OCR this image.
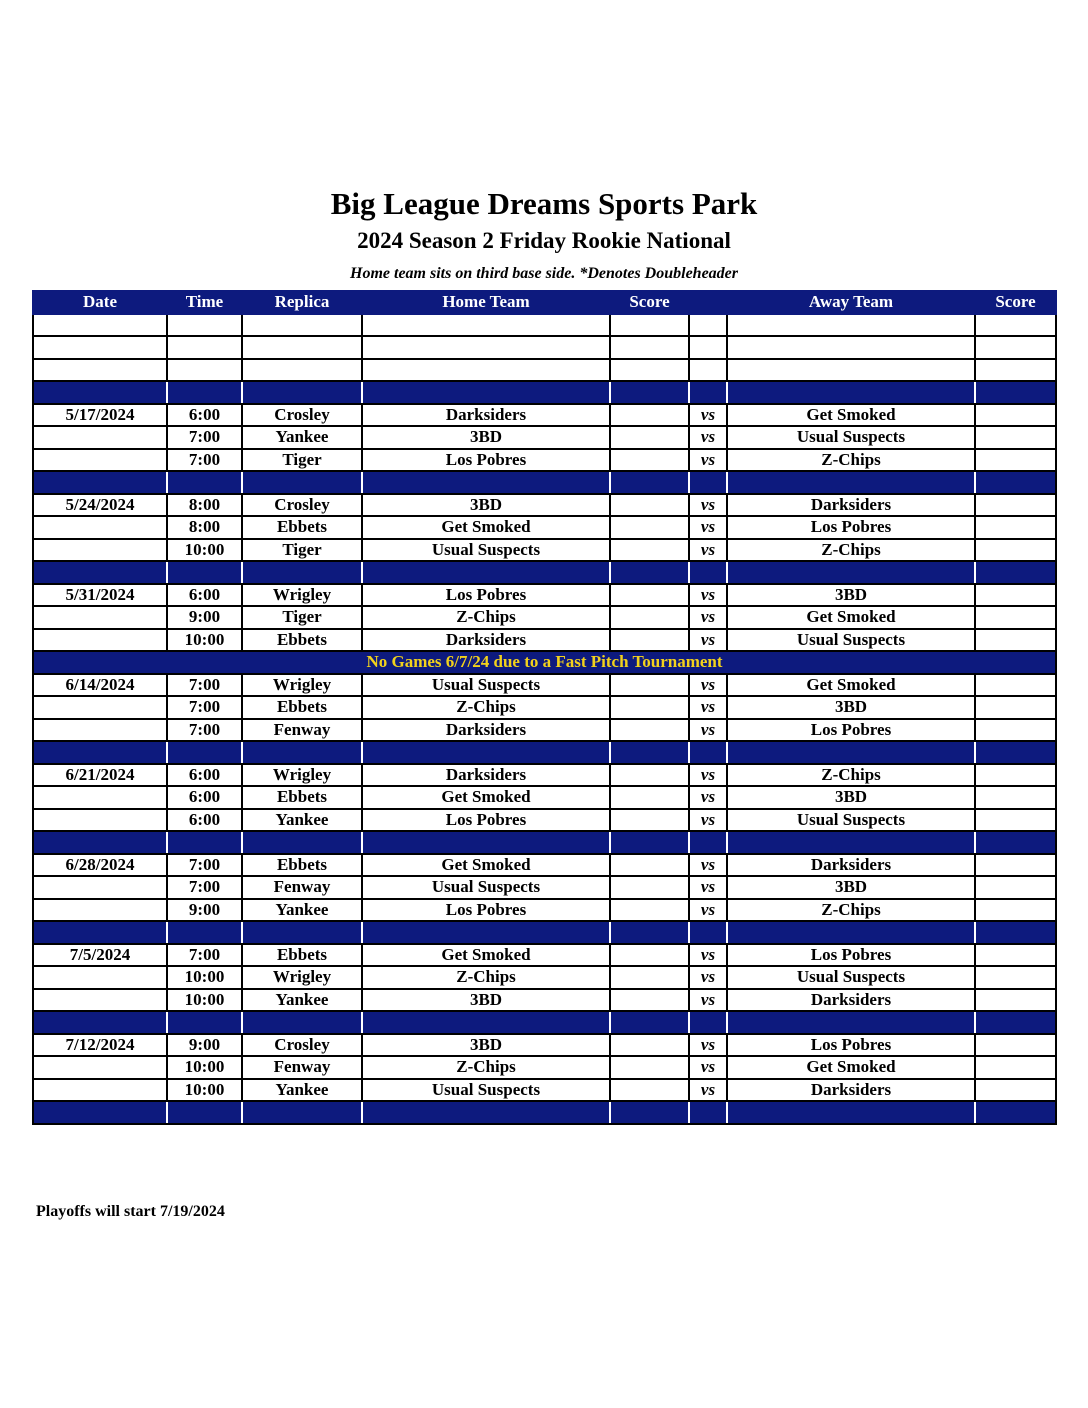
Big League Dreams Sports Park
2024 Season 2 Friday Rookie National
Home team sits on third base side. *Denotes Doubleheader
Date	Time	Replica	Home Team	Score		Away Team	Score

5/17/2024	6:00	Crosley	Darksiders		vs	Get Smoked	
	7:00	Yankee	3BD		vs	Usual Suspects	
	7:00	Tiger	Los Pobres		vs	Z-Chips	

5/24/2024	8:00	Crosley	3BD		vs	Darksiders	
	8:00	Ebbets	Get Smoked		vs	Los Pobres	
	10:00	Tiger	Usual Suspects		vs	Z-Chips	

5/31/2024	6:00	Wrigley	Los Pobres		vs	3BD	
	9:00	Tiger	Z-Chips		vs	Get Smoked	
	10:00	Ebbets	Darksiders		vs	Usual Suspects	
No Games 6/7/24 due to a Fast Pitch Tournament							
6/14/2024	7:00	Wrigley	Usual Suspects		vs	Get Smoked	
	7:00	Ebbets	Z-Chips		vs	3BD	
	7:00	Fenway	Darksiders		vs	Los Pobres	

6/21/2024	6:00	Wrigley	Darksiders		vs	Z-Chips	
	6:00	Ebbets	Get Smoked		vs	3BD	
	6:00	Yankee	Los Pobres		vs	Usual Suspects	

6/28/2024	7:00	Ebbets	Get Smoked		vs	Darksiders	
	7:00	Fenway	Usual Suspects		vs	3BD	
	9:00	Yankee	Los Pobres		vs	Z-Chips	

7/5/2024	7:00	Ebbets	Get Smoked		vs	Los Pobres	
	10:00	Wrigley	Z-Chips		vs	Usual Suspects	
	10:00	Yankee	3BD		vs	Darksiders	

7/12/2024	9:00	Crosley	3BD		vs	Los Pobres	
	10:00	Fenway	Z-Chips		vs	Get Smoked	
	10:00	Yankee	Usual Suspects		vs	Darksiders	

Playoffs will start 7/19/2024
